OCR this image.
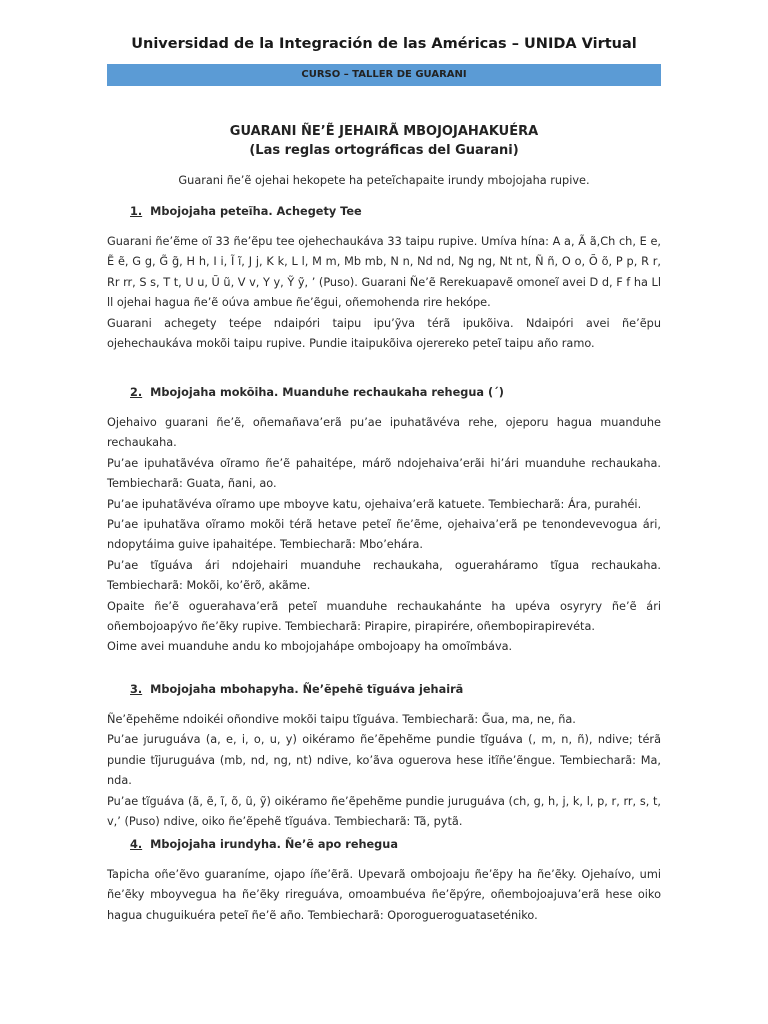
Universidad de la Integración de las Américas – UNIDA Virtual
CURSO – TALLER DE GUARANI
GUARANI ÑE’Ẽ JEHAIRÃ MBOJOJAHAKUÉRA
(Las reglas ortográficas del Guarani)
Guarani ñe’ẽ ojehai hekopete ha peteĩchapaite irundy mbojojaha rupive.
1. Mbojojaha peteĩha. Achegety Tee

Guarani ñe’ẽme oĩ 33 ñe’ẽpu tee ojehechaukáva 33 taipu rupive. Umíva hína: A a, Ã ã,Ch ch, E e, Ẽ ẽ, G g, G̃ g̃, H h, I i, Ĩ ĩ, J j, K k, L l, M m, Mb mb, N n, Nd nd, Ng ng, Nt nt, Ñ ñ, O o, Õ õ, P p, R r, Rr rr, S s, T t, U u, Ũ ũ, V v, Y y, Ỹ ỹ, ’ (Puso). Guarani Ñe’ẽ Rerekuapavẽ omoneĩ avei D d, F f ha Ll ll ojehai hagua ñe’ẽ oúva ambue ñe’ẽgui, oñemohenda rire hekópe.

Guarani achegety teépe ndaipóri taipu ipu’ỹva térã ipukõiva. Ndaipóri avei ñe’ẽpu ojehechaukáva mokõi taipu rupive. Pundie itaipukõiva ojerereko peteĩ taipu año ramo.

2. Mbojojaha mokõiha. Muanduhe rechaukaha rehegua (´)

Ojehaivo guarani ñe’ẽ, oñemañava’erã pu’ae ipuhatãvéva rehe, ojeporu hagua muanduhe rechaukaha.

Pu’ae ipuhatãvéva oĩramo ñe’ẽ pahaitépe, márõ ndojehaiva’erãi hi’ári muanduhe rechaukaha. Tembiecharã: Guata, ñani, ao.

Pu’ae ipuhatãvéva oĩramo upe mboyve katu, ojehaiva’erã katuete. Tembiecharã: Ára, purahéi.

Pu’ae ipuhatãva oĩramo mokõi térã hetave peteĩ ñe’ẽme, ojehaiva’erã pe tenondevevogua ári, ndopytáima guive ipahaitépe. Tembiecharã: Mbo’ehára.

Pu’ae tĩguáva ári ndojehairi muanduhe rechaukaha, ogueraháramo tĩgua rechaukaha. Tembiecharã: Mokõi, ko’ẽrõ, akãme.

Opaite ñe’ẽ oguerahava’erã peteĩ muanduhe rechaukahánte ha upéva osyryry ñe’ẽ ári oñembojoapývo ñe’ẽky rupive. Tembiecharã: Pirapire, pirapirére, oñembopirapirevéta.

Oime avei muanduhe andu ko mbojojahápe ombojoapy ha omoĩmbáva.

3. Mbojojaha mbohapyha. Ñe’ẽpehẽ tĩguáva jehairã

Ñe’ẽpehẽme ndoikéi oñondive mokõi taipu tĩguáva. Tembiecharã: G̃ua, ma, ne, ña.

Pu’ae juruguáva (a, e, i, o, u, y) oikéramo ñe’ẽpehẽme pundie tĩguáva (, m, n, ñ), ndive; térã pundie tĩjuruguáva (mb, nd, ng, nt) ndive, ko’ãva oguerova hese itĩñe’ẽngue. Tembiecharã: Ma, nda.

Pu’ae tĩguáva (ã, ẽ, ĩ, õ, ũ, ỹ) oikéramo ñe’ẽpehẽme pundie juruguáva (ch, g, h, j, k, l, p, r, rr, s, t, v,’ (Puso) ndive, oiko ñe’ẽpehẽ tĩguáva. Tembiecharã: Tã, pytã.

4. Mbojojaha irundyha. Ñe’ẽ apo rehegua

Tapicha oñe’ẽvo guaraníme, ojapo íñe’ẽrã. Upevarã ombojoaju ñe’ẽpy ha ñe’ẽky. Ojehaívo, umi ñe’ẽky mboyvegua ha ñe’ẽky rireguáva, omoambuéva ñe’ẽpýre, oñembojoajuva’erã hese oiko hagua chuguikuéra peteĩ ñe’ẽ año. Tembiecharã: Oporogueroguataseténiko.
